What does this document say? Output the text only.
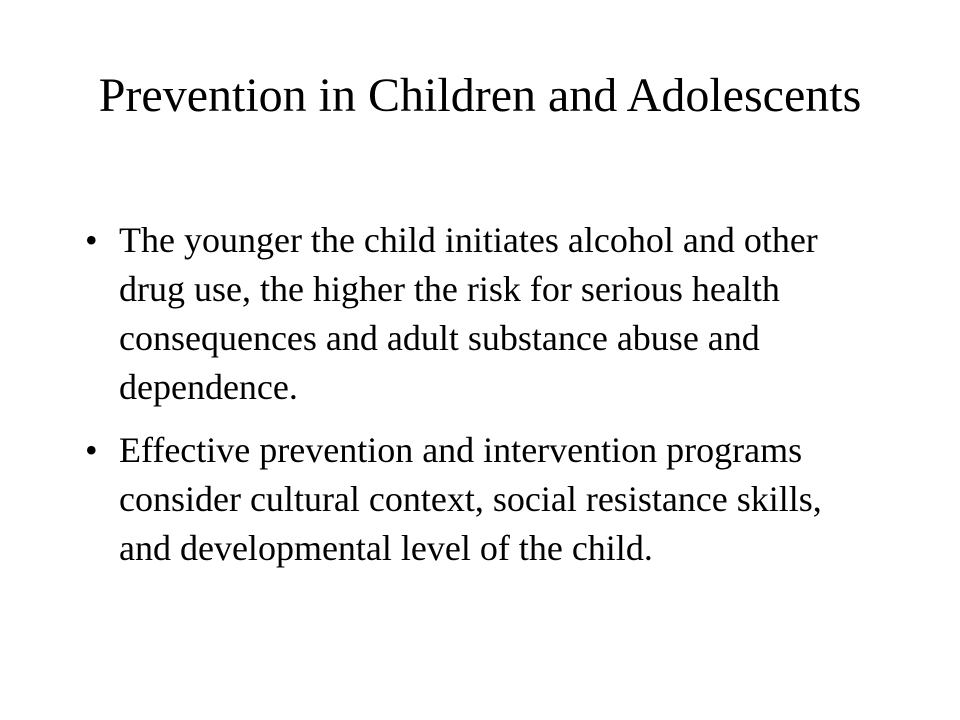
Prevention in Children and Adolescents
• The younger the child initiates alcohol and other drug use, the higher the risk for serious health consequences and adult substance abuse and dependence.
• Effective prevention and intervention programs consider cultural context, social resistance skills, and developmental level of the child.
